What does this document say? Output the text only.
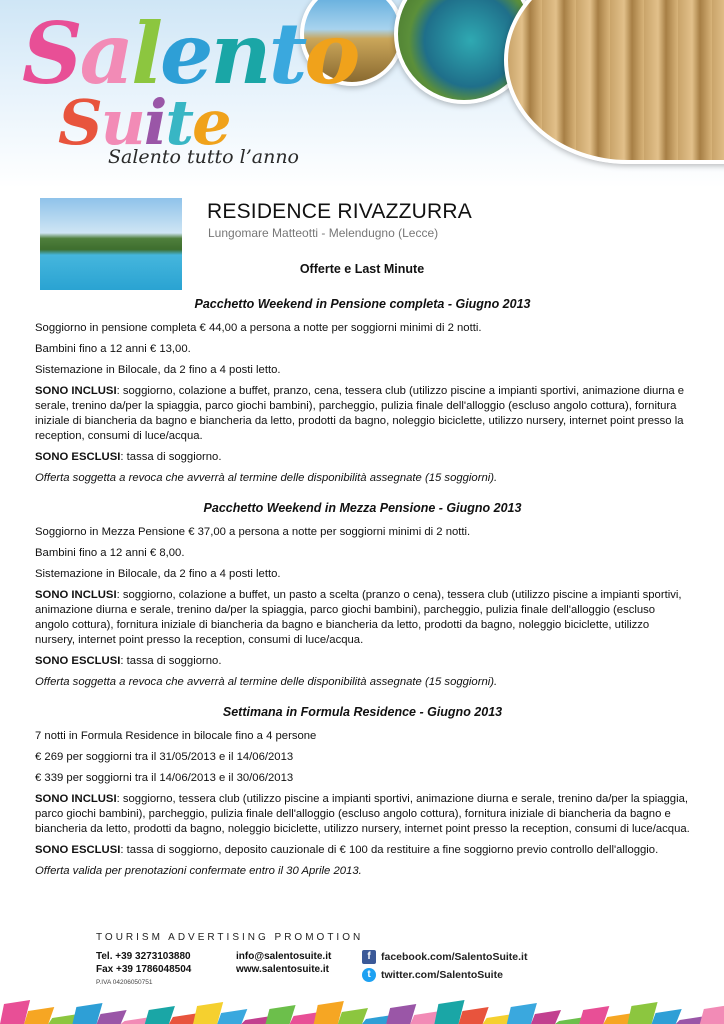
Salento
Suite
Salento tutto l’anno
RESIDENCE RIVAZZURRA
Lungomare Matteotti - Melendugno (Lecce)
Offerte e Last Minute
Pacchetto Weekend in Pensione completa - Giugno 2013
Soggiorno in pensione completa € 44,00 a persona a notte per soggiorni minimi di 2 notti.
Bambini fino a 12 anni € 13,00.
Sistemazione in Bilocale, da 2 fino a 4 posti letto.
SONO INCLUSI: soggiorno, colazione a buffet, pranzo, cena, tessera club (utilizzo piscine a impianti sportivi, animazione diurna e serale, trenino da/per la spiaggia, parco giochi bambini), parcheggio, pulizia finale dell'alloggio (escluso angolo cottura), fornitura iniziale di biancheria da bagno e biancheria da letto, prodotti da bagno, noleggio biciclette, utilizzo nursery, internet point presso la reception, consumi di luce/acqua.
SONO ESCLUSI: tassa di soggiorno.
Offerta soggetta a revoca che avverrà al termine delle disponibilità assegnate (15 soggiorni).
Pacchetto Weekend in Mezza Pensione - Giugno 2013
Soggiorno in Mezza Pensione € 37,00 a persona a notte per soggiorni minimi di 2 notti.
Bambini fino a 12 anni € 8,00.
Sistemazione in Bilocale, da 2 fino a 4 posti letto.
SONO INCLUSI: soggiorno, colazione a buffet, un pasto a scelta (pranzo o cena), tessera club (utilizzo piscine a impianti sportivi, animazione diurna e serale, trenino da/per la spiaggia, parco giochi bambini), parcheggio, pulizia finale dell'alloggio (escluso angolo cottura), fornitura iniziale di biancheria da bagno e biancheria da letto, prodotti da bagno, noleggio biciclette, utilizzo nursery, internet point presso la reception, consumi di luce/acqua.
SONO ESCLUSI: tassa di soggiorno.
Offerta soggetta a revoca che avverrà al termine delle disponibilità assegnate (15 soggiorni).
Settimana in Formula Residence - Giugno 2013
7 notti in Formula Residence in bilocale fino a 4 persone
€ 269 per soggiorni tra il 31/05/2013 e il 14/06/2013
€ 339 per soggiorni tra il 14/06/2013 e il 30/06/2013
SONO INCLUSI: soggiorno, tessera club (utilizzo piscine a impianti sportivi, animazione diurna e serale, trenino da/per la spiaggia, parco giochi bambini), parcheggio, pulizia finale dell'alloggio (escluso angolo cottura), fornitura iniziale di biancheria da bagno e biancheria da letto, prodotti da bagno, noleggio biciclette, utilizzo nursery, internet point presso la reception, consumi di luce/acqua.
SONO ESCLUSI: tassa di soggiorno, deposito cauzionale di € 100 da restituire a fine soggiorno previo controllo dell'alloggio.
Offerta valida per prenotazioni confermate entro il 30 Aprile 2013.
TOURISM ADVERTISING PROMOTION
Tel. +39 3273103880
Fax +39 1786048504
info@salentosuite.it
www.salentosuite.it
P.IVA 04206050751
f facebook.com/SalentoSuite.it
t twitter.com/SalentoSuite
